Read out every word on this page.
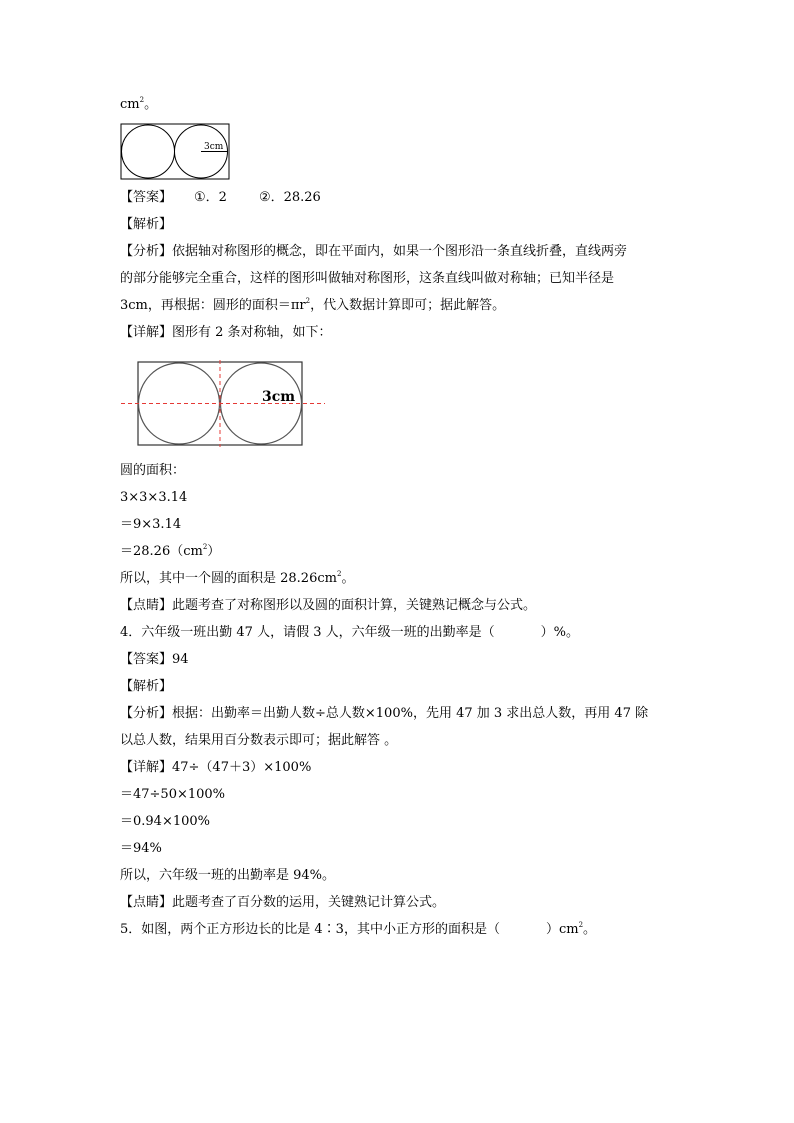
$cm^2$。
3cm
【答案】 ①．2 ②．28.26
【解析】
【分析】依据轴对称图形的概念，即在平面内，如果一个图形沿一条直线折叠，直线两旁
的部分能够完全重合，这样的图形叫做轴对称图形，这条直线叫做对称轴；已知半径是
3cm，再根据：圆形的面积$=\pi r^2$，代入数据计算即可；据此解答。
【详解】图形有 2 条对称轴，如下：
3cm
圆的面积：
3×3×3.14
＝9×3.14
$=28.26(cm^2)$
所以，其中一个圆的面积是 $28.26cm^2$。
【点睛】此题考查了对称图形以及圆的面积计算，关键熟记概念与公式。
4．六年级一班出勤 47 人，请假 3 人，六年级一班的出勤率是（	）%。
【答案】94
【解析】
【分析】根据：出勤率＝出勤人数÷总人数×100%，先用 47 加 3 求出总人数，再用 47 除
以总人数，结果用百分数表示即可；据此解答 。
【详解】47÷（47＋3）×100%
＝47÷50×100%
＝0.94×100%
＝94%
所以，六年级一班的出勤率是 94%。
【点睛】此题考查了百分数的运用，关键熟记计算公式。
5．如图，两个正方形边长的比是 4∶3，其中小正方形的面积是（	）$cm^2$。
